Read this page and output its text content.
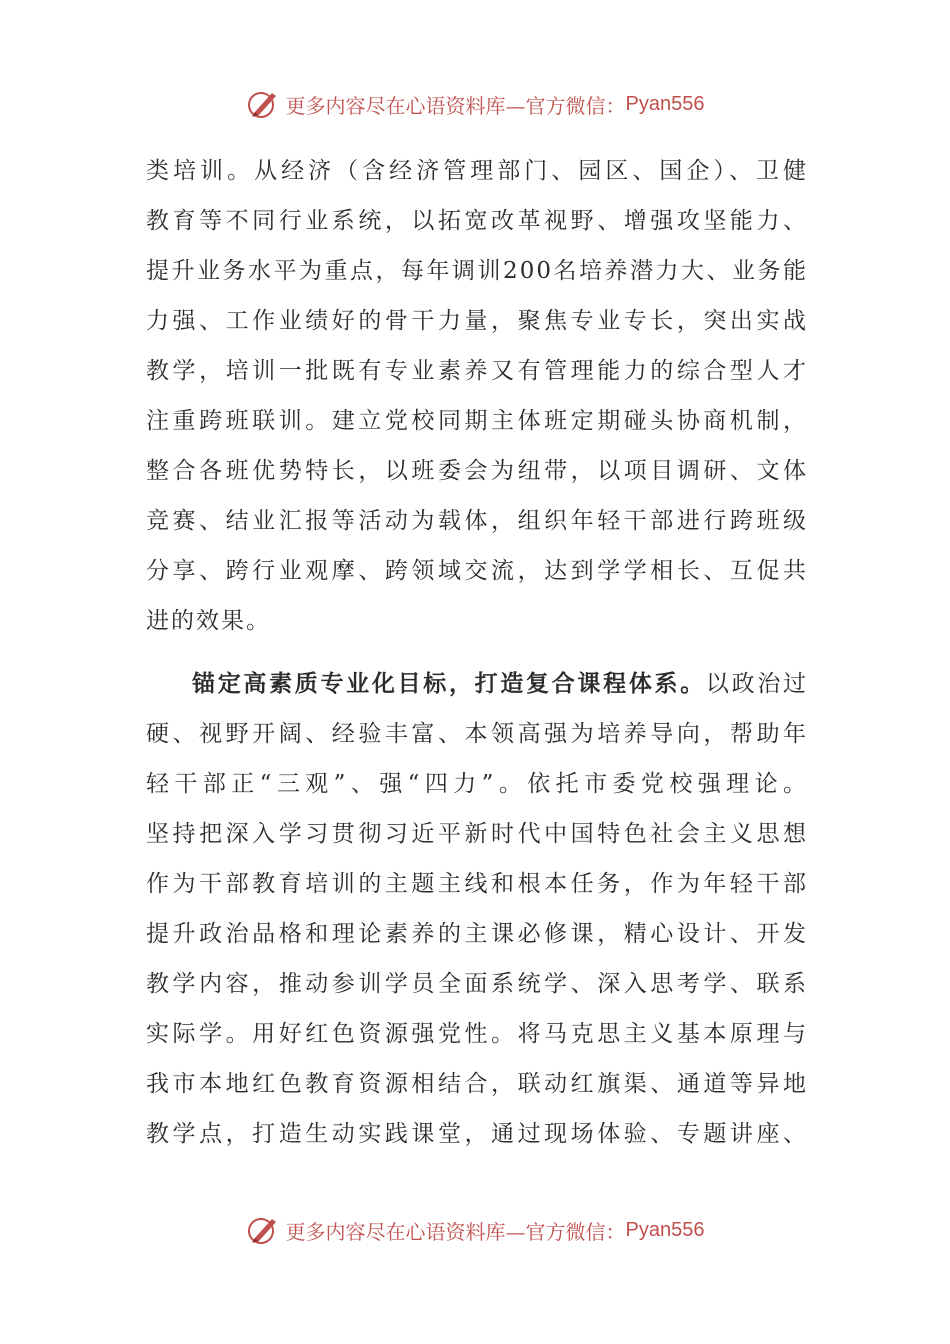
更多内容尽在心语资料库—官方微信： Pyan556

类培训。从经济（含经济管理部门、园区、国企）、卫健
教育等不同行业系统，以拓宽改革视野、增强攻坚能力、
提升业务水平为重点，每年调训200名培养潜力大、业务能
力强、工作业绩好的骨干力量，聚焦专业专长，突出实战
教学，培训一批既有专业素养又有管理能力的综合型人才
注重跨班联训。建立党校同期主体班定期碰头协商机制，
整合各班优势特长，以班委会为纽带，以项目调研、文体
竞赛、结业汇报等活动为载体，组织年轻干部进行跨班级
分享、跨行业观摩、跨领域交流，达到学学相长、互促共
进的效果。

锚定高素质专业化目标，打造复合课程体系。以政治过
硬、视野开阔、经验丰富、本领高强为培养导向，帮助年
轻干部正“三观”、强“四力”。依托市委党校强理论。
坚持把深入学习贯彻习近平新时代中国特色社会主义思想
作为干部教育培训的主题主线和根本任务，作为年轻干部
提升政治品格和理论素养的主课必修课，精心设计、开发
教学内容，推动参训学员全面系统学、深入思考学、联系
实际学。用好红色资源强党性。将马克思主义基本原理与
我市本地红色教育资源相结合，联动红旗渠、通道等异地
教学点，打造生动实践课堂，通过现场体验、专题讲座、

更多内容尽在心语资料库—官方微信： Pyan556
